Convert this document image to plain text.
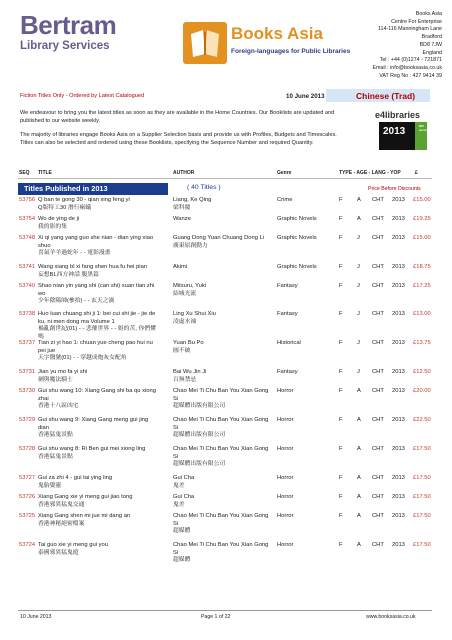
Bertram
Library Services
Books Asia
Foreign-languages for Public Libraries
Books Asia
Centre For Enterprise
114-116 Manningham Lane
Bradford
BD8 7JW
England
Tel : +44 (0)1274 - 721871
Email : info@booksasia.co.uk
VAT Reg No : 427 9414 39
Fiction Titles Only - Ordered by Latest Catalogued	10 June 2013	Chinese (Trad)
We endeavour to bring you the latest titles as soon as they are available in the Home Countries. Our Booklists are updated and published to our website weekly.
The majority of libraries engage Books Asia on a Supplier Selection basis and provide us with Profiles, Budgets and Timescales. Titles can also be selected and ordered using these Booklists, specifying the Sequence Number and required Quantity.
e4libraries
2013	BIC accredited
SEQ TITLE	AUTHOR	Genre	TYPE - AGE - LANG - YOP	£
Titles Published in 2013	( 40 Titles )	Price Before Discounts
53756 Q ban te gong 30 - qian xing feng yi
Q版特工30 潛行瘋蟻
Liang, Ke Qing
梁科慶
Crime	F A CHT 2013 £15.00
53754 Wo de ying de ji
我的影的集
Wanze	Graphic Novels	F A CHT 2013 £19.25
53748 Xi qi yang yang guo she nian - dian ying xiao shuo
喜氣羊羊過蛇年 - - 電影漫畫
Guang Dong Yuan Chuang Dong Li
廣東原創動力
Graphic Novels	F J CHT 2013 £15.00
53741 Wang xiang bl xi fang shen hua fu hei pian
妄想BL西方神話 腹黑篇
Akimi	Graphic Novels	F J CHT 2013 £18.75
53740 Shao nian yin yang shi (can shi) xuan tian zhi wo
少年陰陽師(參拾) - - 玄天之渦
Mitsuru, Yuki
結城光流
Fantasy	F J CHT 2013 £17.25
53738 Huo luan chuang shi ji 1: bei cui shi jie - jie de ku, ni men dong ma Volume 1
禍亂創世紀(01) - - 悲催世界 - - 姐的苦, 你們懂嗎
Ling Xu Shui Xiu
凌虛水袖
Fantasy	F J CHT 2013 £13.00
53737 Tian zi yi hao 1: chuan yue cheng pao hui nu pei jue
天字醫號(01) - - 穿越成炮灰女配角
Yuan Bu Po
圓不破
Historical	F J CHT 2013 £13.75
53731 Jian yu mo fa yi shi
劍與魔法騎士
Bai Wu Jin Ji
百無禁忌
Fantasy	F J CHT 2013 £12.50
53730 Gui shu wang 10: Xiang Gang shi ba qu xiong zhai
香港十八區凶宅
Chao Mei Ti Chu Ban You Xian Gong Si
超媒體出版有限公司
Horror	F A CHT 2013 £20.00
53729 Gui shu wang 9: Xiang Gang meng gui jing dian
香港猛鬼景點
Chao Mei Ti Chu Ban You Xian Gong Si
超媒體出版有限公司
Horror	F A CHT 2013 £22.50
53728 Gui shu wang 8: Ri Ben gui mei xiong ling
香港猛鬼景點
Chao Mei Ti Chu Ban You Xian Gong Si
超媒體出版有限公司
Horror	F A CHT 2013 £17.50
53727 Gui za zhi 4 - gui tai ying ling
鬼胎嬰靈
Gui Cha
鬼差
Horror	F A CHT 2013 £17.50
53726 Xiang Gang xie yi meng gui jiao tong
香港邪異猛鬼交通
Gui Cha
鬼差
Horror	F A CHT 2013 £17.50
53725 Xiang Gang shen mi jue mi dang an
香港神秘絕密檔案
Chao Mei Ti Chu Ban You Xian Gong Si
超媒體
Horror	F A CHT 2013 £17.50
53724 Tai guo xie yi meng gui you
泰國邪異猛鬼遊
Chao Mei Ti Chu Ban You Xian Gong Si
超媒體
Horror	F A CHT 2013 £17.50
10 June 2013	Page 1 of 22	www.booksasia.co.uk
